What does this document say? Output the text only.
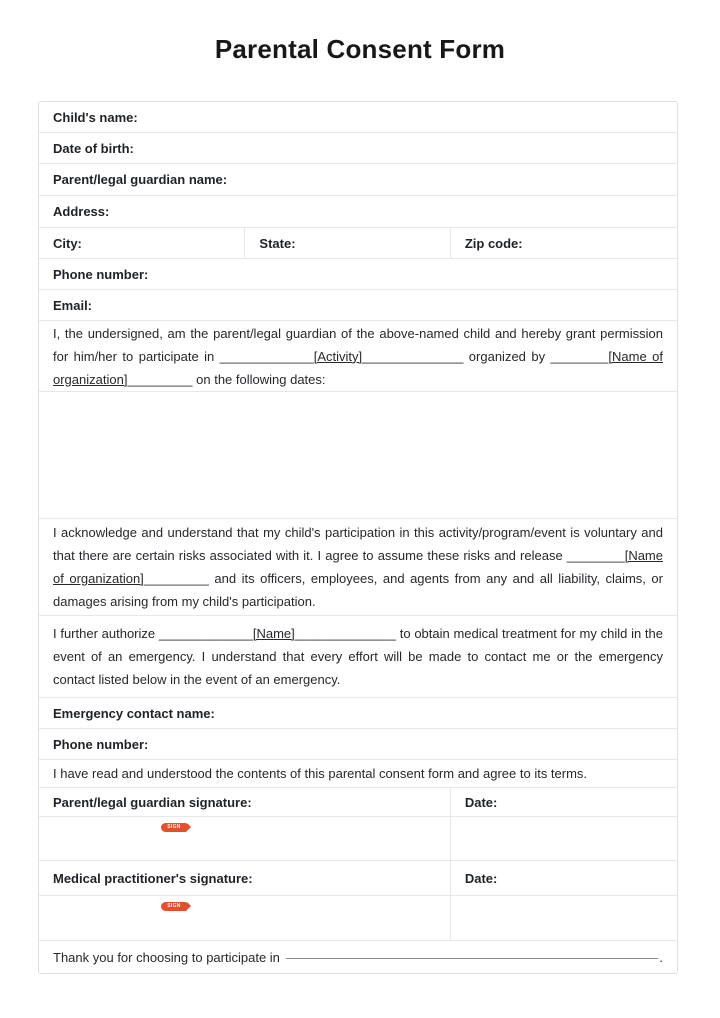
Parental Consent Form
Child's name:
Date of birth:
Parent/legal guardian name:
Address:
City:	State:	Zip code:
Phone number:
Email:

I, the undersigned, am the parent/legal guardian of the above-named child and hereby grant permission for him/her to participate in _____________[Activity]______________ organized by ________[Name of organization]_________ on the following dates:

I acknowledge and understand that my child's participation in this activity/program/event is voluntary and that there are certain risks associated with it. I agree to assume these risks and release ________[Name of organization]_________ and its officers, employees, and agents from any and all liability, claims, or damages arising from my child's participation.

I further authorize _____________[Name]______________ to obtain medical treatment for my child in the event of an emergency. I understand that every effort will be made to contact me or the emergency contact listed below in the event of an emergency.

Emergency contact name:
Phone number:
I have read and understood the contents of this parental consent form and agree to its terms.
Parent/legal guardian signature:	Date:
SIGN
Medical practitioner's signature:	Date:
SIGN
Thank you for choosing to participate in	.
